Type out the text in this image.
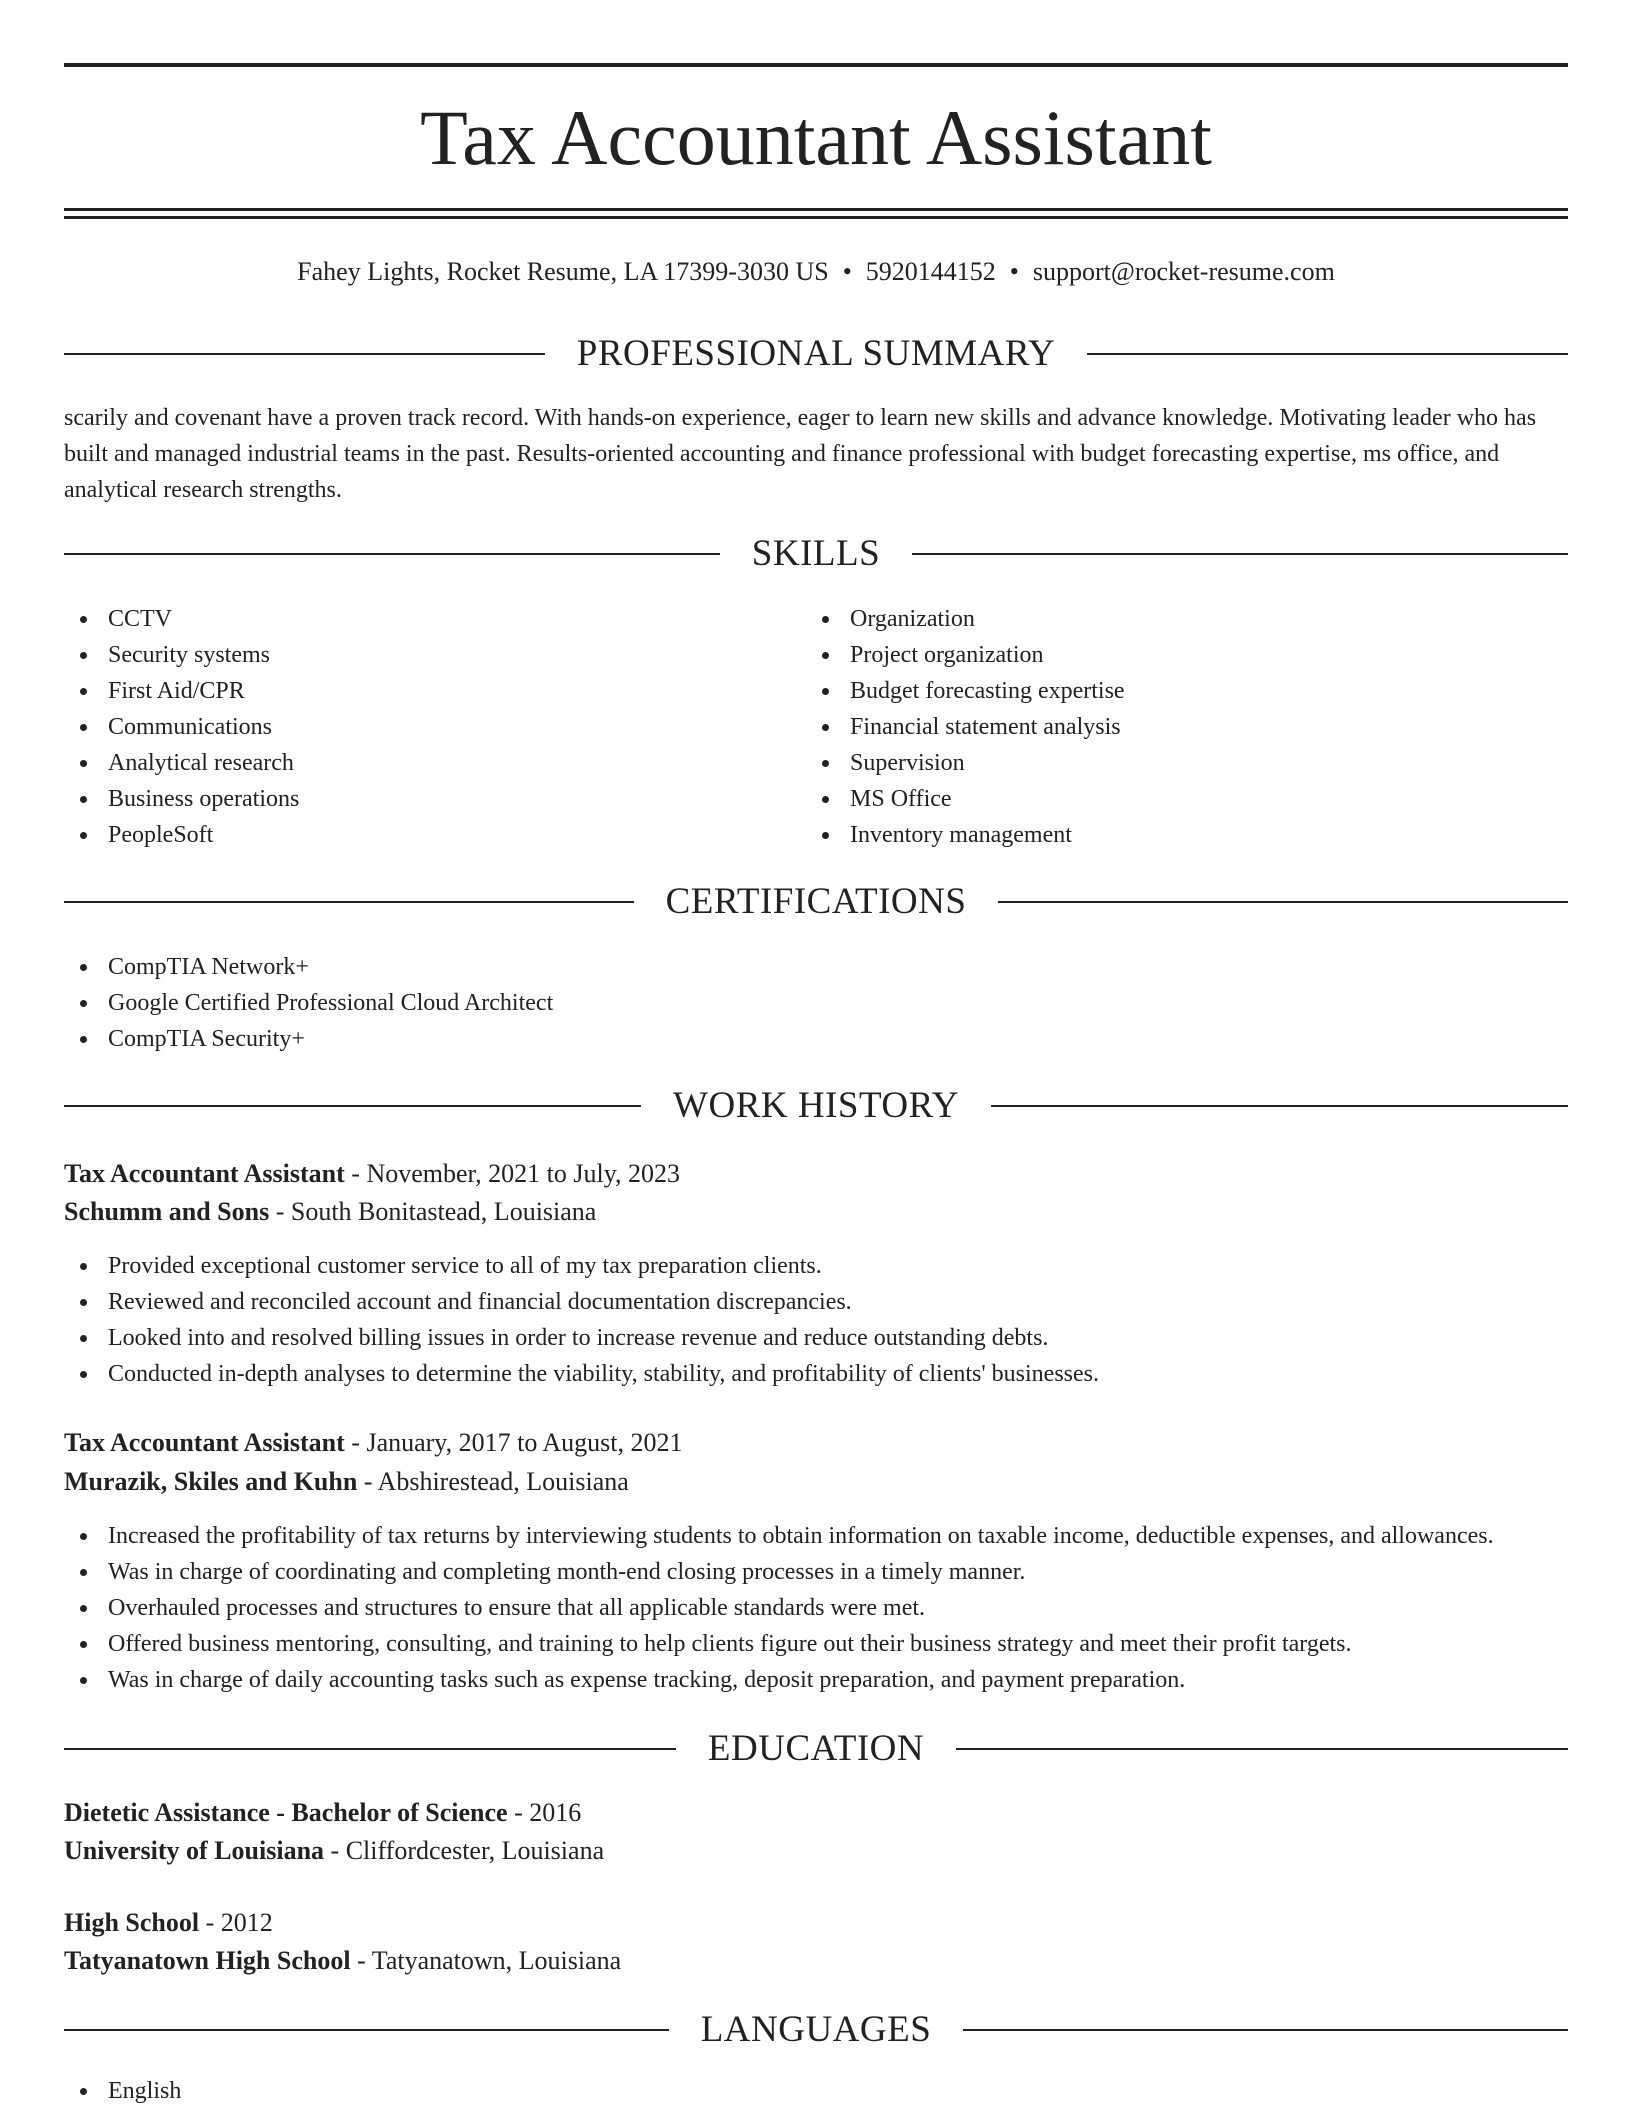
Tax Accountant Assistant
Fahey Lights, Rocket Resume, LA 17399-3030 US • 5920144152 • support@rocket-resume.com
PROFESSIONAL SUMMARY

scarily and covenant have a proven track record. With hands-on experience, eager to learn new skills and advance knowledge. Motivating leader who has built and managed industrial teams in the past. Results-oriented accounting and finance professional with budget forecasting expertise, ms office, and analytical research strengths.

SKILLS
CCTV
Security systems
First Aid/CPR
Communications
Analytical research
Business operations
PeopleSoft
Organization
Project organization
Budget forecasting expertise
Financial statement analysis
Supervision
MS Office
Inventory management
CERTIFICATIONS
CompTIA Network+
Google Certified Professional Cloud Architect
CompTIA Security+
WORK HISTORY
Tax Accountant Assistant - November, 2021 to July, 2023
Schumm and Sons - South Bonitastead, Louisiana
Provided exceptional customer service to all of my tax preparation clients.
Reviewed and reconciled account and financial documentation discrepancies.
Looked into and resolved billing issues in order to increase revenue and reduce outstanding debts.
Conducted in-depth analyses to determine the viability, stability, and profitability of clients' businesses.
Tax Accountant Assistant - January, 2017 to August, 2021
Murazik, Skiles and Kuhn - Abshirestead, Louisiana
Increased the profitability of tax returns by interviewing students to obtain information on taxable income, deductible expenses, and allowances.
Was in charge of coordinating and completing month-end closing processes in a timely manner.
Overhauled processes and structures to ensure that all applicable standards were met.
Offered business mentoring, consulting, and training to help clients figure out their business strategy and meet their profit targets.
Was in charge of daily accounting tasks such as expense tracking, deposit preparation, and payment preparation.
EDUCATION
Dietetic Assistance - Bachelor of Science - 2016
University of Louisiana - Cliffordcester, Louisiana
High School - 2012
Tatyanatown High School - Tatyanatown, Louisiana
LANGUAGES
English
